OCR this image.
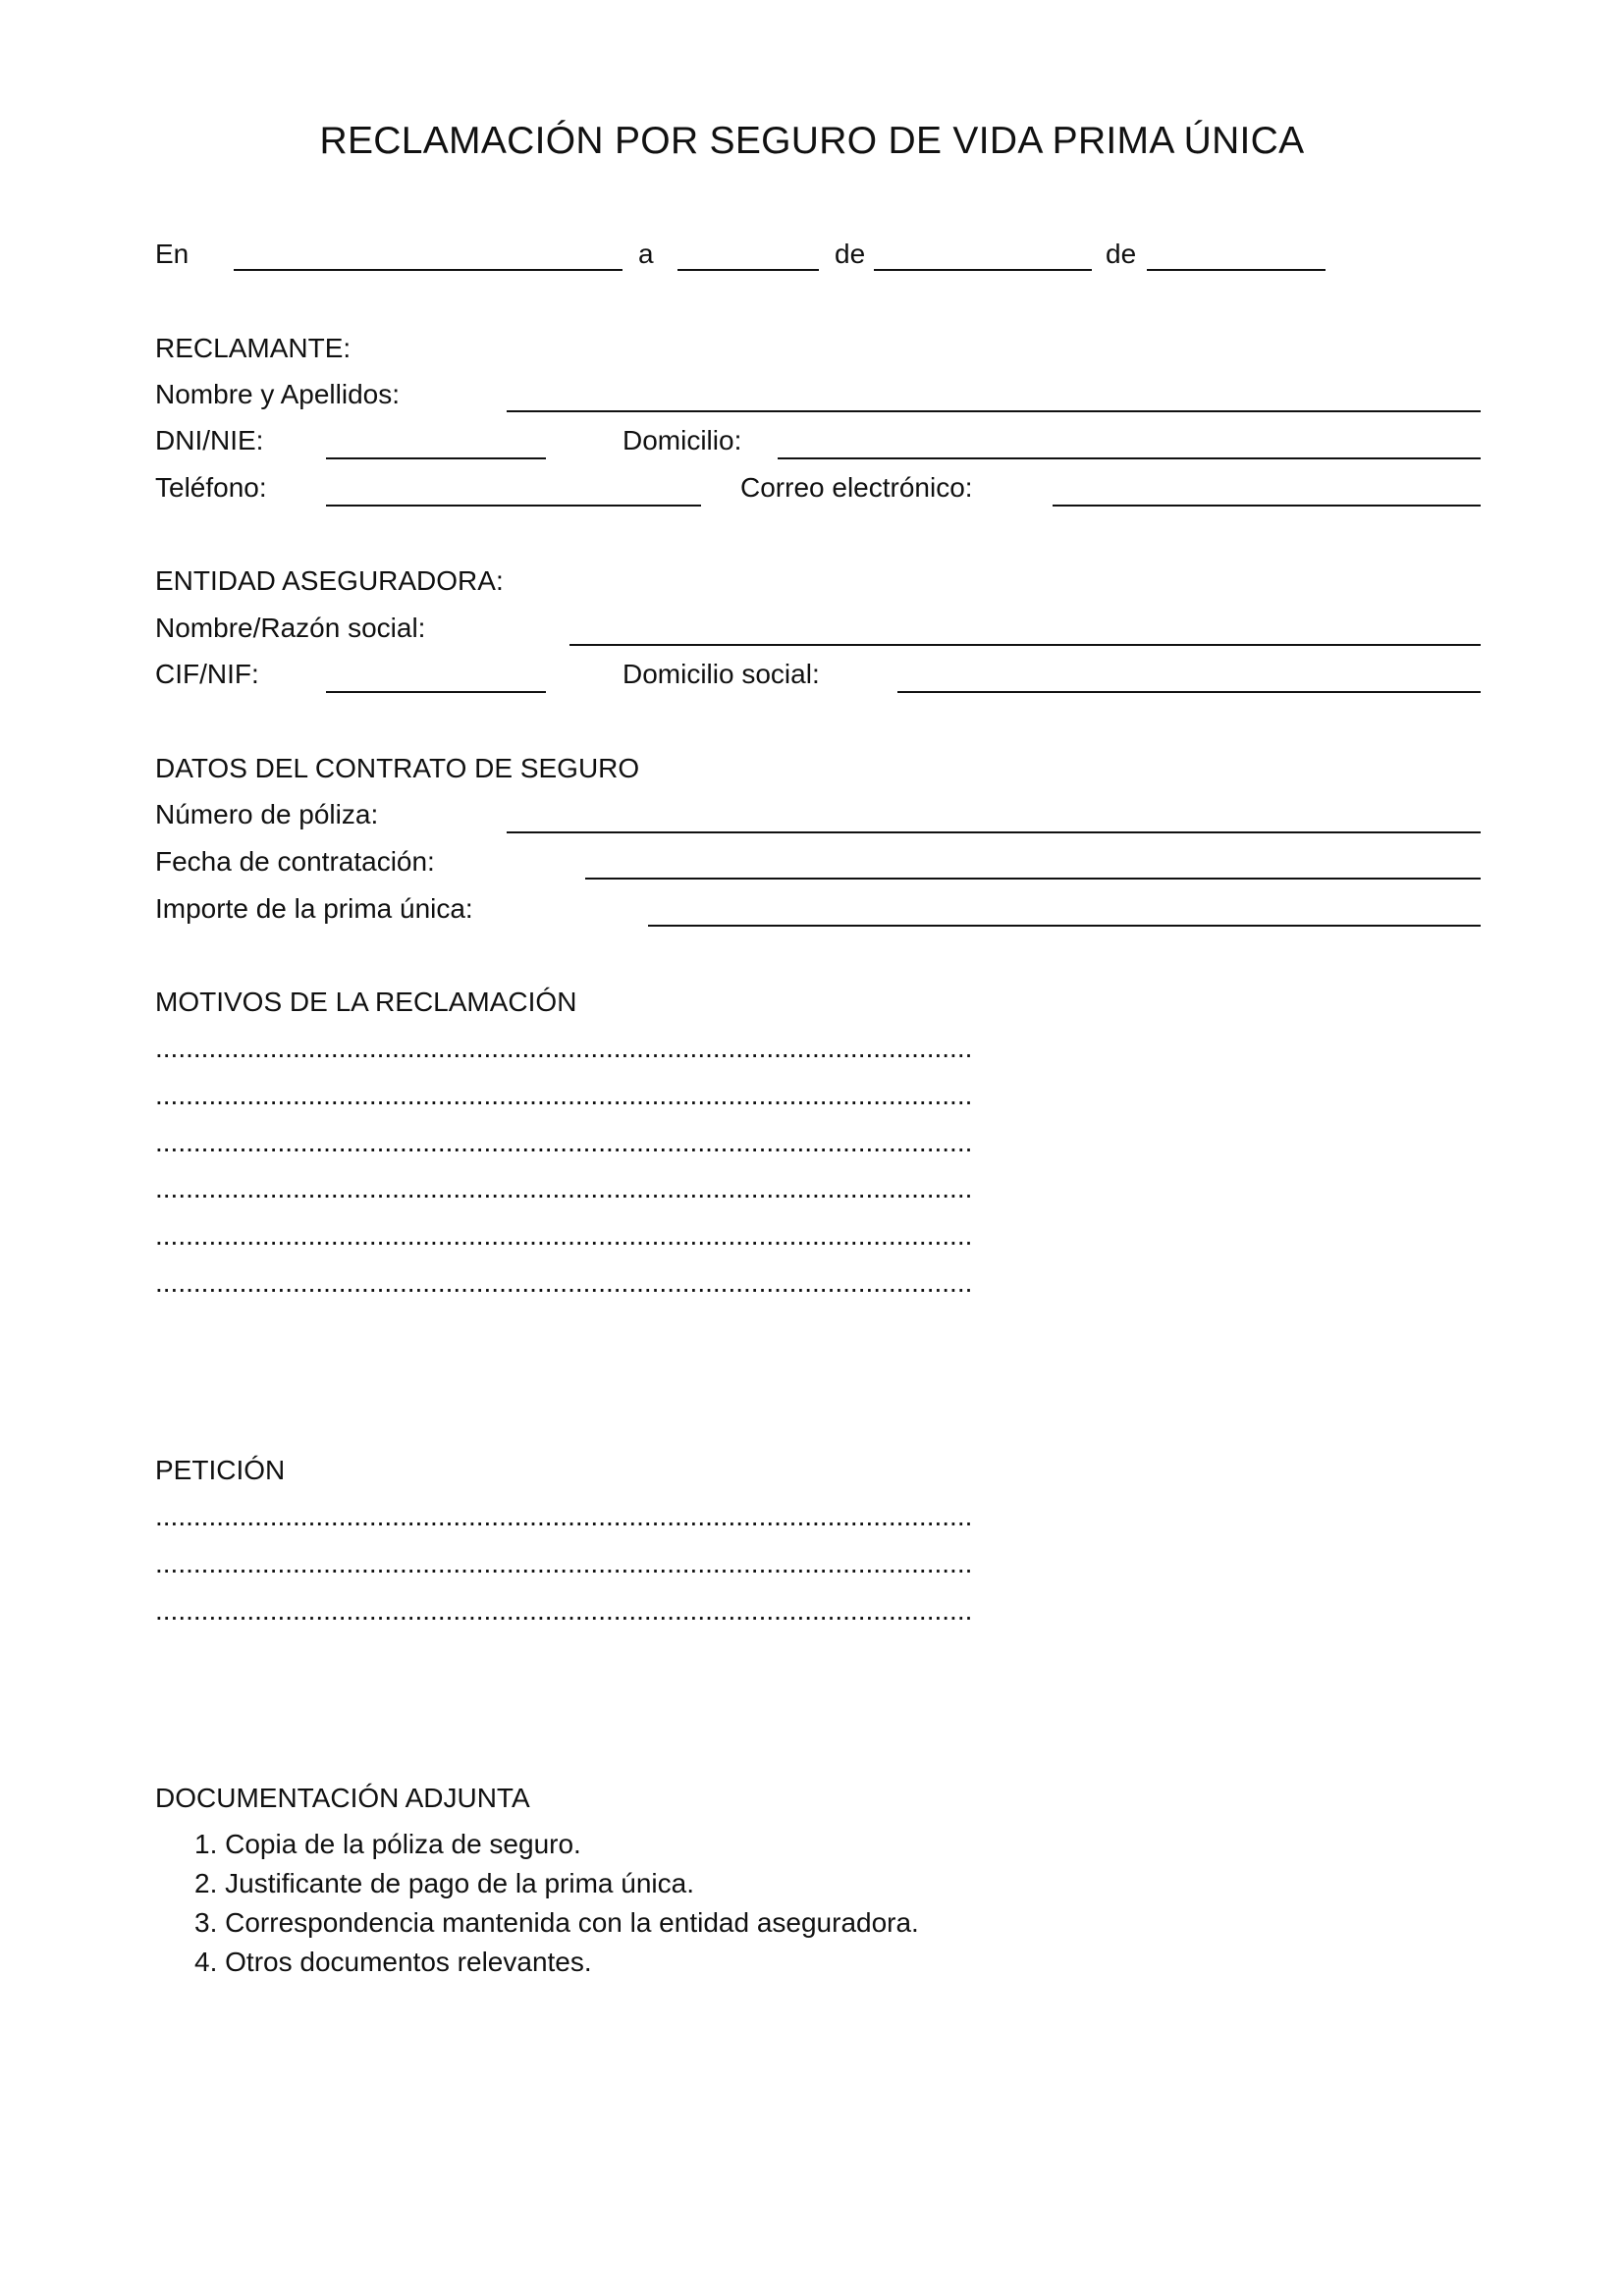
RECLAMACIÓN POR SEGURO DE VIDA PRIMA ÚNICA
En	a	de	de
RECLAMANTE:
Nombre y Apellidos:
DNI/NIE:	Domicilio:
Teléfono:	Correo electrónico:
ENTIDAD ASEGURADORA:
Nombre/Razón social:
CIF/NIF:	Domicilio social:
DATOS DEL CONTRATO DE SEGURO
Número de póliza:
Fecha de contratación:
Importe de la prima única:
MOTIVOS DE LA RECLAMACIÓN
...........................................................................................................
...........................................................................................................
...........................................................................................................
...........................................................................................................
...........................................................................................................
...........................................................................................................
PETICIÓN
...........................................................................................................
...........................................................................................................
...........................................................................................................
DOCUMENTACIÓN ADJUNTA
1. Copia de la póliza de seguro.
2. Justificante de pago de la prima única.
3. Correspondencia mantenida con la entidad aseguradora.
4. Otros documentos relevantes.
